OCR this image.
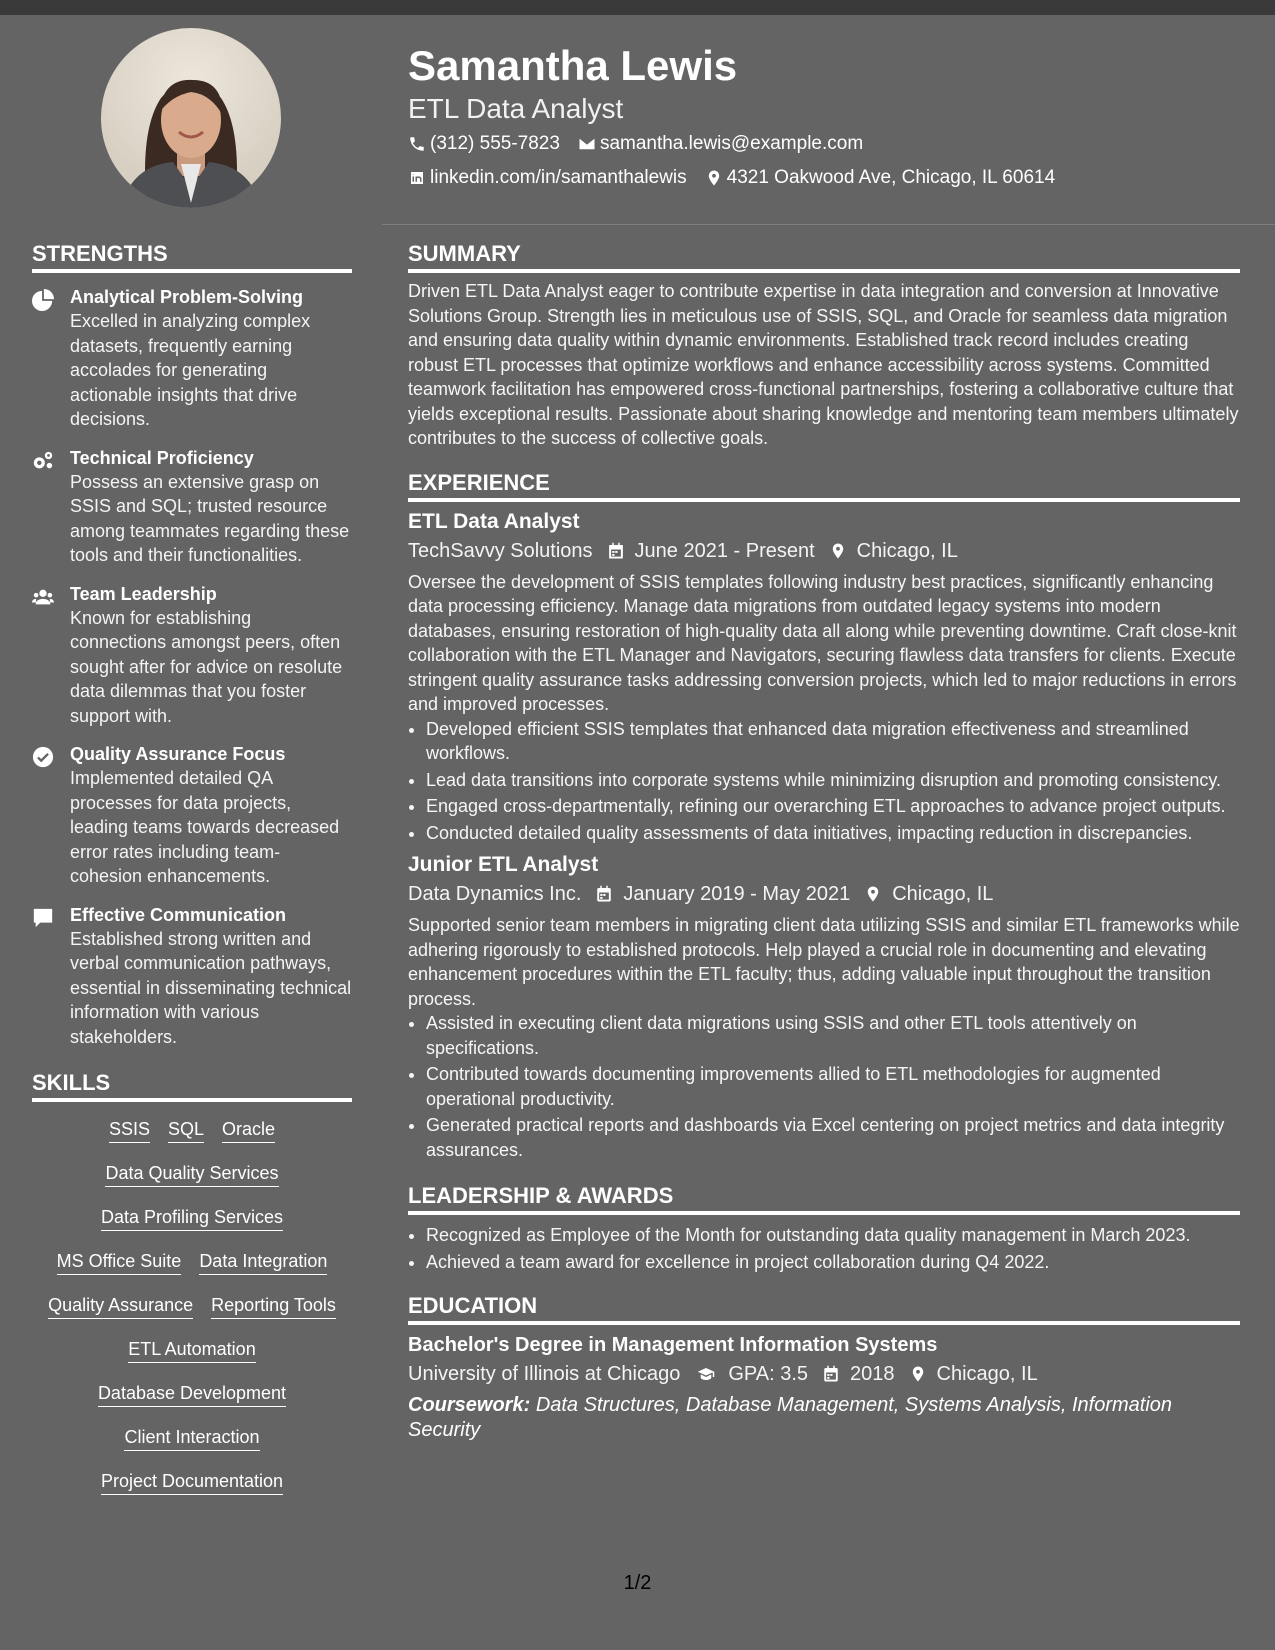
Samantha Lewis
ETL Data Analyst
(312) 555-7823 samantha.lewis@example.com
linkedin.com/in/samanthalewis 4321 Oakwood Ave, Chicago, IL 60614
STRENGTHS
Analytical Problem-Solving
Excelled in analyzing complex datasets, frequently earning accolades for generating actionable insights that drive decisions.
Technical Proficiency
Possess an extensive grasp on SSIS and SQL; trusted resource among teammates regarding these tools and their functionalities.
Team Leadership
Known for establishing connections amongst peers, often sought after for advice on resolute data dilemmas that you foster support with.
Quality Assurance Focus
Implemented detailed QA processes for data projects, leading teams towards decreased error rates including team-cohesion enhancements.
Effective Communication
Established strong written and verbal communication pathways, essential in disseminating technical information with various stakeholders.
SKILLS
SSIS SQL Oracle
Data Quality Services
Data Profiling Services
MS Office Suite Data Integration
Quality Assurance Reporting Tools
ETL Automation
Database Development
Client Interaction
Project Documentation
SUMMARY

Driven ETL Data Analyst eager to contribute expertise in data integration and conversion at Innovative Solutions Group. Strength lies in meticulous use of SSIS, SQL, and Oracle for seamless data migration and ensuring data quality within dynamic environments. Established track record includes creating robust ETL processes that optimize workflows and enhance accessibility across systems. Committed teamwork facilitation has empowered cross-functional partnerships, fostering a collaborative culture that yields exceptional results. Passionate about sharing knowledge and mentoring team members ultimately contributes to the success of collective goals.

EXPERIENCE
ETL Data Analyst
TechSavvy Solutions June 2021 - Present Chicago, IL

Oversee the development of SSIS templates following industry best practices, significantly enhancing data processing efficiency. Manage data migrations from outdated legacy systems into modern databases, ensuring restoration of high-quality data all along while preventing downtime. Craft close-knit collaboration with the ETL Manager and Navigators, securing flawless data transfers for clients. Execute stringent quality assurance tasks addressing conversion projects, which led to major reductions in errors and improved processes.

• Developed efficient SSIS templates that enhanced data migration effectiveness and streamlined workflows.
• Lead data transitions into corporate systems while minimizing disruption and promoting consistency.
• Engaged cross-departmentally, refining our overarching ETL approaches to advance project outputs.
• Conducted detailed quality assessments of data initiatives, impacting reduction in discrepancies.
Junior ETL Analyst
Data Dynamics Inc. January 2019 - May 2021 Chicago, IL

Supported senior team members in migrating client data utilizing SSIS and similar ETL frameworks while adhering rigorously to established protocols. Help played a crucial role in documenting and elevating enhancement procedures within the ETL faculty; thus, adding valuable input throughout the transition process.

• Assisted in executing client data migrations using SSIS and other ETL tools attentively on specifications.
• Contributed towards documenting improvements allied to ETL methodologies for augmented operational productivity.
• Generated practical reports and dashboards via Excel centering on project metrics and data integrity assurances.
LEADERSHIP & AWARDS
• Recognized as Employee of the Month for outstanding data quality management in March 2023.
• Achieved a team award for excellence in project collaboration during Q4 2022.
EDUCATION
Bachelor's Degree in Management Information Systems
University of Illinois at Chicago GPA: 3.5 2018 Chicago, IL
Coursework: Data Structures, Database Management, Systems Analysis, Information Security
1/2
